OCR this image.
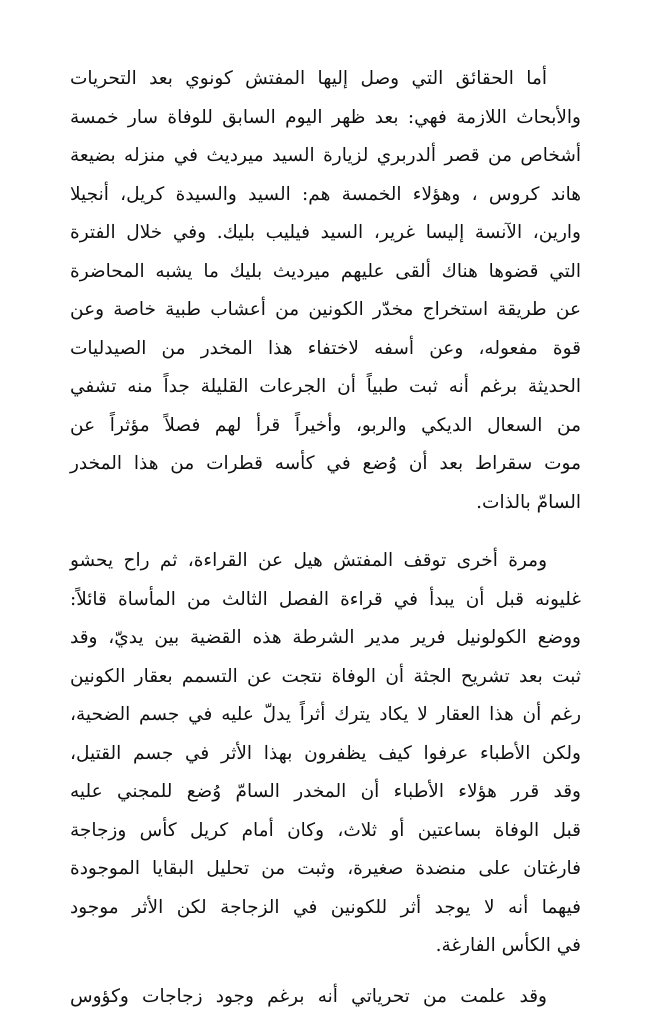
أما الحقائق التي وصل إليها المفتش كونوي بعد التحريات
والأبحاث اللازمة فهي: بعد ظهر اليوم السابق للوفاة سار خمسة
أشخاص من قصر ألدربري لزيارة السيد ميرديث في منزله بضيعة
هاند كروس ، وهؤلاء الخمسة هم: السيد والسيدة كريل، أنجيلا
وارين، الآنسة إليسا غرير، السيد فيليب بليك. وفي خلال الفترة
التي قضوها هناك ألقى عليهم ميرديث بليك ما يشبه المحاضرة
عن طريقة استخراج مخدّر الكونين من أعشاب طبية خاصة وعن
قوة مفعوله، وعن أسفه لاختفاء هذا المخدر من الصيدليات
الحديثة برغم أنه ثبت طبياً أن الجرعات القليلة جداً منه تشفي
من السعال الديكي والربو، وأخيراً قرأ لهم فصلاً مؤثراً عن
موت سقراط بعد أن وُضع في كأسه قطرات من هذا المخدر
السامّ بالذات.
ومرة أخرى توقف المفتش هيل عن القراءة، ثم راح يحشو
غليونه قبل أن يبدأ في قراءة الفصل الثالث من المأساة قائلاً:
ووضع الكولونيل فرير مدير الشرطة هذه القضية بين يديّ، وقد
ثبت بعد تشريح الجثة أن الوفاة نتجت عن التسمم بعقار الكونين
رغم أن هذا العقار لا يكاد يترك أثراً يدلّ عليه في جسم الضحية،
ولكن الأطباء عرفوا كيف يظفرون بهذا الأثر في جسم القتيل،
وقد قرر هؤلاء الأطباء أن المخدر السامّ وُضع للمجني عليه
قبل الوفاة بساعتين أو ثلاث، وكان أمام كريل كأس وزجاجة
فارغتان على منضدة صغيرة، وثبت من تحليل البقايا الموجودة
فيهما أنه لا يوجد أثر للكونين في الزجاجة لكن الأثر موجود
في الكأس الفارغة.
وقد علمت من تحرياتي أنه برغم وجود زجاجات وكؤوس
